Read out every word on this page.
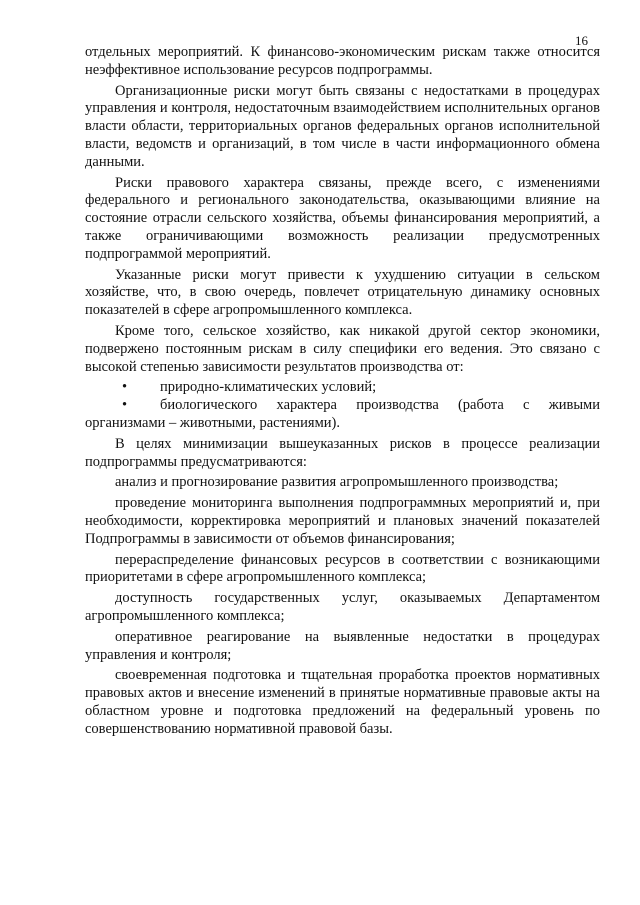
16

отдельных мероприятий. К финансово-экономическим рискам также относится неэффективное использование ресурсов подпрограммы.

Организационные риски могут быть связаны с недостатками в процедурах управления и контроля, недостаточным взаимодействием исполнительных органов власти области, территориальных органов федеральных органов исполнительной власти, ведомств и организаций, в том числе в части информационного обмена данными.

Риски правового характера связаны, прежде всего, с изменениями федерального и регионального законодательства, оказывающими влияние на состояние отрасли сельского хозяйства, объемы финансирования мероприятий, а также ограничивающими возможность реализации предусмотренных подпрограммой мероприятий.

Указанные риски могут привести к ухудшению ситуации в сельском хозяйстве, что, в свою очередь, повлечет отрицательную динамику основных показателей в сфере агропромышленного комплекса.

Кроме того, сельское хозяйство, как никакой другой сектор экономики, подвержено постоянным рискам в силу специфики его ведения. Это связано с высокой степенью зависимости результатов производства от:

• природно-климатических условий;
• биологического характера производства (работа с живыми организмами – животными, растениями).

В целях минимизации вышеуказанных рисков в процессе реализации подпрограммы предусматриваются:

анализ и прогнозирование развития агропромышленного производства;

проведение мониторинга выполнения подпрограммных мероприятий и, при необходимости, корректировка мероприятий и плановых значений показателей Подпрограммы в зависимости от объемов финансирования;

перераспределение финансовых ресурсов в соответствии с возникающими приоритетами в сфере агропромышленного комплекса;

доступность государственных услуг, оказываемых Департаментом агропромышленного комплекса;

оперативное реагирование на выявленные недостатки в процедурах управления и контроля;

своевременная подготовка и тщательная проработка проектов нормативных правовых актов и внесение изменений в принятые нормативные правовые акты на областном уровне и подготовка предложений на федеральный уровень по совершенствованию нормативной правовой базы.
